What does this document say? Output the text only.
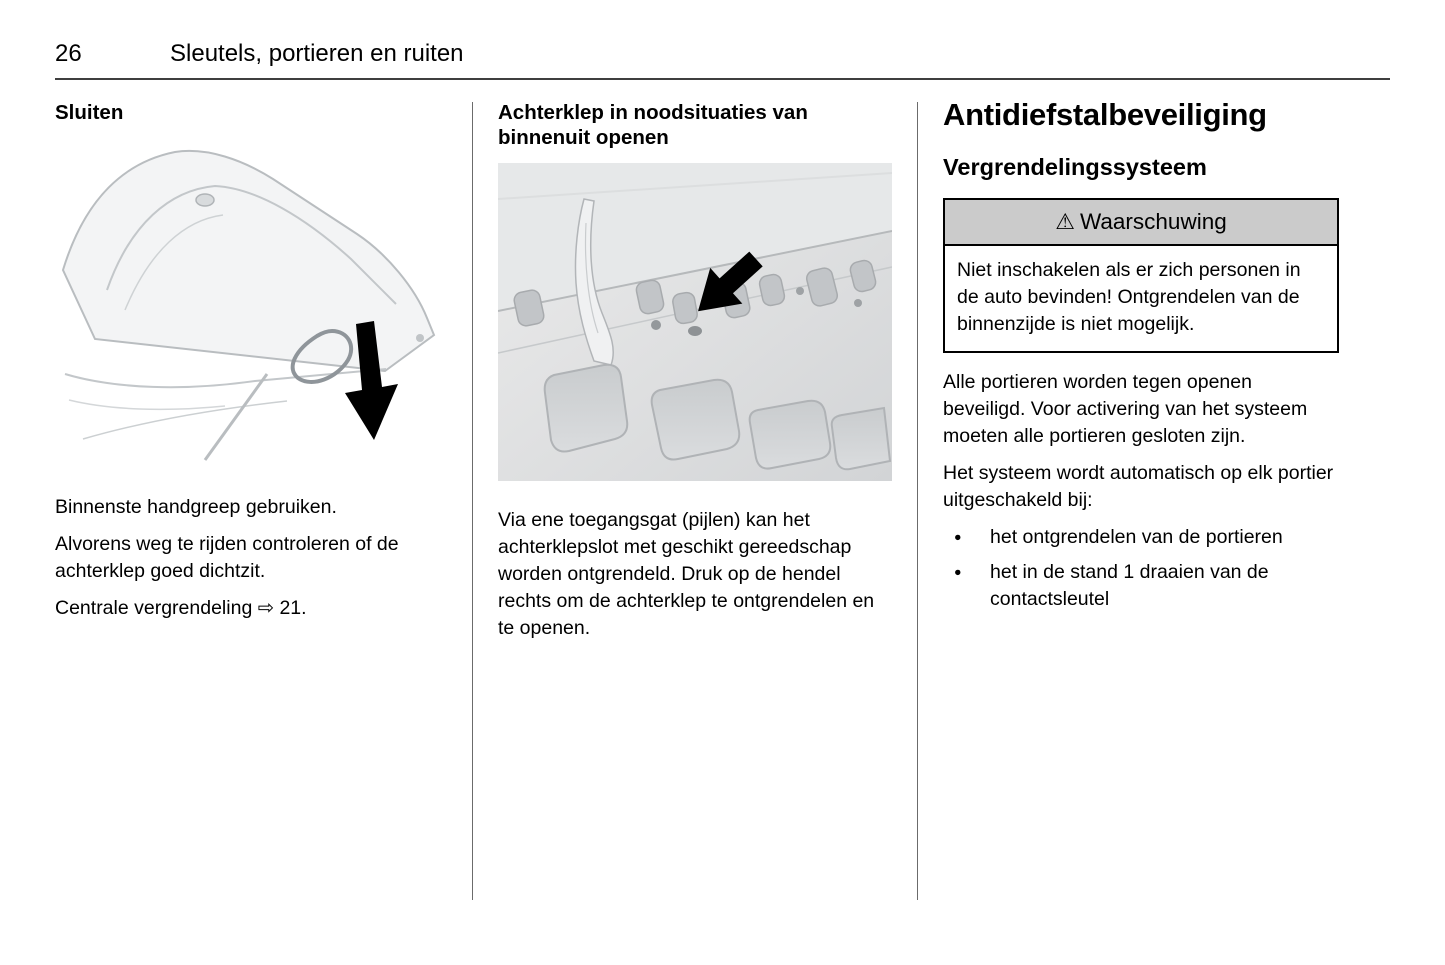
26	Sleutels, portieren en ruiten
Sluiten

Binnenste handgreep gebruiken.

Alvorens weg te rijden controleren of de achterklep goed dichtzit.

Centrale vergrendeling ⇨ 21.

Achterklep in noodsituaties van binnenuit openen

Via ene toegangsgat (pijlen) kan het achterklepslot met geschikt gereedschap worden ontgrendeld. Druk op de hendel rechts om de achterklep te ontgrendelen en te openen.

Antidiefstalbeveiliging
Vergrendelingssysteem
⚠ Waarschuwing
Niet inschakelen als er zich personen in de auto bevinden! Ontgrendelen van de binnenzijde is niet mogelijk.

Alle portieren worden tegen openen beveiligd. Voor activering van het systeem moeten alle portieren gesloten zijn.

Het systeem wordt automatisch op elk portier uitgeschakeld bij:

● het ontgrendelen van de portieren
● het in de stand 1 draaien van de contactsleutel
